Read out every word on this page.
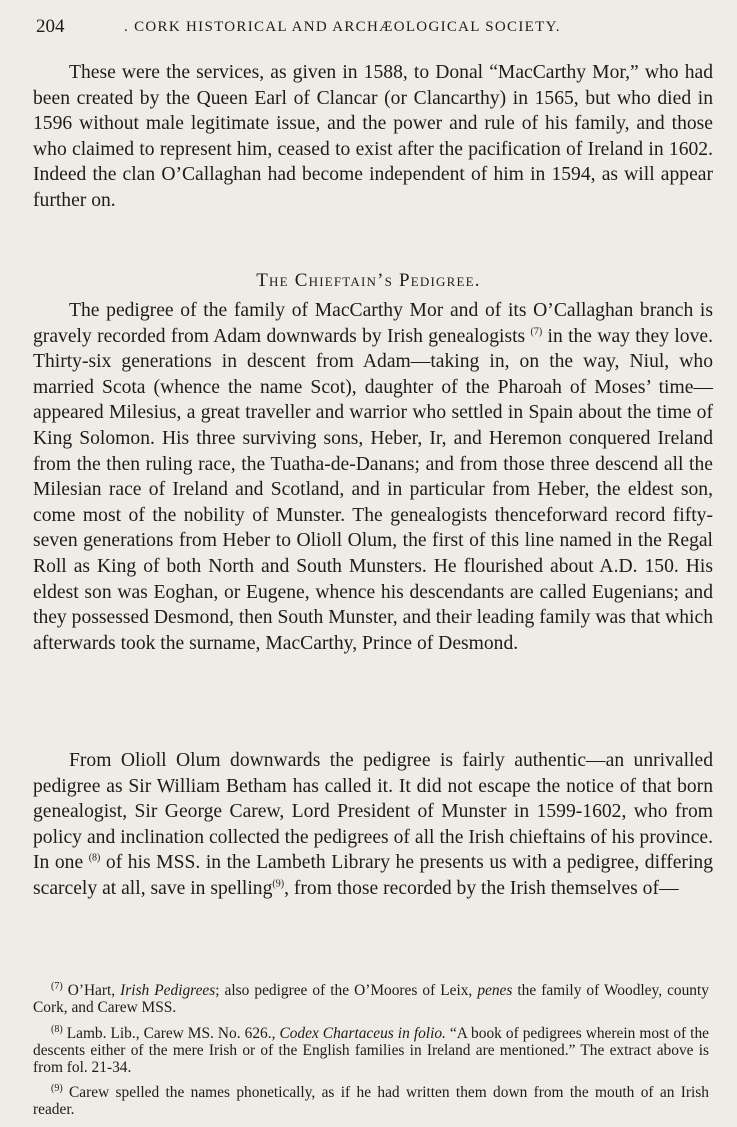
204	. CORK HISTORICAL AND ARCHÆOLOGICAL SOCIETY.

These were the services, as given in 1588, to Donal “MacCarthy Mor,” who had been created by the Queen Earl of Clancar (or Clancarthy) in 1565, but who died in 1596 without male legitimate issue, and the power and rule of his family, and those who claimed to represent him, ceased to exist after the pacification of Ireland in 1602. Indeed the clan O’Callaghan had become independent of him in 1594, as will appear further on.

The Chieftain’s Pedigree.

The pedigree of the family of MacCarthy Mor and of its O’Callaghan branch is gravely recorded from Adam downwards by Irish genealogists $^{(7)}$ in the way they love. Thirty-six generations in descent from Adam—taking in, on the way, Niul, who married Scota (whence the name Scot), daughter of the Pharoah of Moses’ time—appeared Milesius, a great traveller and warrior who settled in Spain about the time of King Solomon. His three surviving sons, Heber, Ir, and Heremon conquered Ireland from the then ruling race, the Tuatha-de-Danans; and from those three descend all the Milesian race of Ireland and Scotland, and in particular from Heber, the eldest son, come most of the nobility of Munster. The genealogists thenceforward record fifty-seven generations from Heber to Olioll Olum, the first of this line named in the Regal Roll as King of both North and South Munsters. He flourished about A.D. 150. His eldest son was Eoghan, or Eugene, whence his descendants are called Eugenians; and they possessed Desmond, then South Munster, and their leading family was that which afterwards took the surname, MacCarthy, Prince of Desmond.

From Olioll Olum downwards the pedigree is fairly authentic—an unrivalled pedigree as Sir William Betham has called it. It did not escape the notice of that born genealogist, Sir George Carew, Lord President of Munster in 1599-1602, who from policy and inclination collected the pedigrees of all the Irish chieftains of his province. In one $^{(8)}$ of his MSS. in the Lambeth Library he presents us with a pedigree, differing scarcely at all, save in spelling$^{(9)}$, from those recorded by the Irish themselves of—

$^{(7)}$ O’Hart, Irish Pedigrees; also pedigree of the O’Moores of Leix, penes the family of Woodley, county Cork, and Carew MSS.

$^{(8)}$ Lamb. Lib., Carew MS. No. 626., Codex Chartaceus in folio. “A book of pedigrees wherein most of the descents either of the mere Irish or of the English families in Ireland are mentioned.” The extract above is from fol. 21-34.

$^{(9)}$ Carew spelled the names phonetically, as if he had written them down from the mouth of an Irish reader.
